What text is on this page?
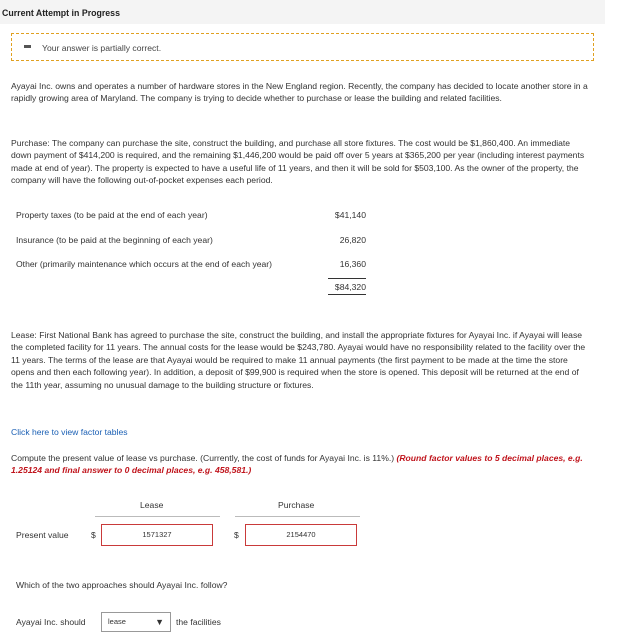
Current Attempt in Progress
Your answer is partially correct.
Ayayai Inc. owns and operates a number of hardware stores in the New England region. Recently, the company has decided to locate another store in a rapidly growing area of Maryland. The company is trying to decide whether to purchase or lease the building and related facilities.
Purchase: The company can purchase the site, construct the building, and purchase all store fixtures. The cost would be $1,860,400. An immediate down payment of $414,200 is required, and the remaining $1,446,200 would be paid off over 5 years at $365,200 per year (including interest payments made at end of year). The property is expected to have a useful life of 11 years, and then it will be sold for $503,100. As the owner of the property, the company will have the following out-of-pocket expenses each period.
Property taxes (to be paid at the end of each year)	$41,140
Insurance (to be paid at the beginning of each year)	26,820
Other (primarily maintenance which occurs at the end of each year)	16,360
$84,320
Lease: First National Bank has agreed to purchase the site, construct the building, and install the appropriate fixtures for Ayayai Inc. if Ayayai will lease the completed facility for 11 years. The annual costs for the lease would be $243,780. Ayayai would have no responsibility related to the facility over the 11 years. The terms of the lease are that Ayayai would be required to make 11 annual payments (the first payment to be made at the time the store opens and then each following year). In addition, a deposit of $99,900 is required when the store is opened. This deposit will be returned at the end of the 11th year, assuming no unusual damage to the building structure or fixtures.
Click here to view factor tables
Compute the present value of lease vs purchase. (Currently, the cost of funds for Ayayai Inc. is 11%.) (Round factor values to 5 decimal places, e.g. 1.25124 and final answer to 0 decimal places, e.g. 458,581.)
Lease	Purchase
Present value	$	1571327	$	2154470
Which of the two approaches should Ayayai Inc. follow?
Ayayai Inc. should	lease	▼ the facilities
